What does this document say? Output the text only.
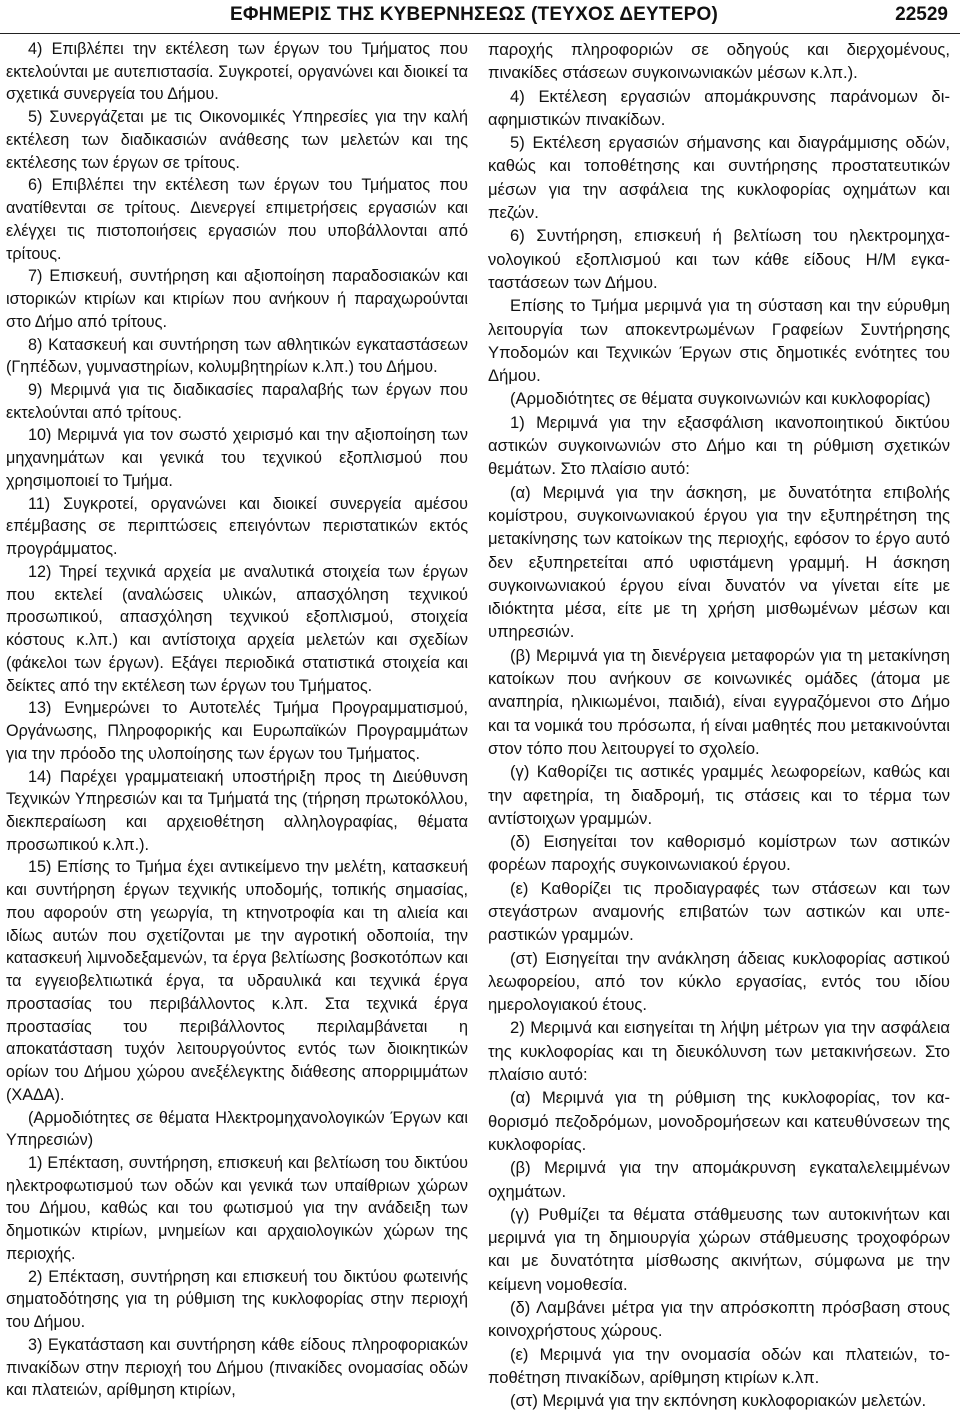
ΕΦΗΜΕΡΙΣ ΤΗΣ ΚΥΒΕΡΝΗΣΕΩΣ (ΤΕΥΧΟΣ ΔΕΥΤΕΡΟ)	22529

4) Επιβλέπει την εκτέλεση των έργων του Τμήματος που εκτελούνται με αυτεπιστασία. Συγκροτεί, οργανώνει και διοικεί τα σχετικά συνεργεία του Δήμου.

5) Συνεργάζεται με τις Οικονομικές Υπηρεσίες για την καλή εκτέλεση των διαδικασιών ανάθεσης των μελετών και της εκτέλεσης των έργων σε τρίτους.

6) Επιβλέπει την εκτέλεση των έργων του Τμήματος που ανατίθενται σε τρίτους. Διενεργεί επιμετρήσεις εργασιών και ελέγχει τις πιστοποιήσεις εργασιών που υποβάλλονται από τρίτους.

7) Επισκευή, συντήρηση και αξιοποίηση παραδοσιακών και ιστορικών κτιρίων και κτιρίων που ανήκουν ή παραχωρούνται στο Δήμο από τρίτους.

8) Κατασκευή και συντήρηση των αθλητικών εγκαταστάσεων (Γηπέδων, γυμναστηρίων, κολυμβητηρίων κ.λπ.) του Δήμου.

9) Μεριμνά για τις διαδικασίες παραλαβής των έργων που εκτελούνται από τρίτους.

10) Μεριμνά για τον σωστό χειρισμό και την αξιοποίηση των μηχανημάτων και γενικά του τεχνικού εξοπλισμού που χρησιμοποιεί το Τμήμα.

11) Συγκροτεί, οργανώνει και διοικεί συνεργεία αμέσου επέμβασης σε περιπτώσεις επειγόντων περιστατικών εκτός προγράμματος.

12) Τηρεί τεχνικά αρχεία με αναλυτικά στοιχεία των έργων που εκτελεί (αναλώσεις υλικών, απασχόληση τεχνικού προσωπικού, απασχόληση τεχνικού εξοπλισμού, στοιχεία κόστους κ.λπ.) και αντίστοιχα αρχεία μελετών και σχεδίων (φάκελοι των έργων). Εξάγει περιοδικά στατιστικά στοιχεία και δείκτες από την εκτέλεση των έργων του Τμήματος.

13) Ενημερώνει το Αυτοτελές Τμήμα Προγραμματισμού, Οργάνωσης, Πληροφορικής και Ευρωπαϊκών Προγραμμάτων για την πρόοδο της υλοποίησης των έργων του Τμήματος.

14) Παρέχει γραμματειακή υποστήριξη προς τη Διεύθυνση Τεχνικών Υπηρεσιών και τα Τμήματά της (τήρηση πρωτοκόλλου, διεκπεραίωση και αρχειοθέτηση αλληλογραφίας, θέματα προσωπικού κ.λπ.).

15) Επίσης το Τμήμα έχει αντικείμενο την μελέτη, κατασκευή και συντήρηση έργων τεχνικής υποδομής, τοπικής σημασίας, που αφορούν στη γεωργία, τη κτηνοτροφία και τη αλιεία και ιδίως αυτών που σχετίζονται με την αγροτική οδοποιία, την κατασκευή λιμνοδεξαμενών, τα έργα βελτίωσης βοσκοτόπων και τα εγγειοβελτιωτικά έργα, τα υδραυλικά και τεχνικά έργα προστασίας του περιβάλλοντος κ.λπ. Στα τεχνικά έργα προστασίας του περιβάλλοντος περιλαμβάνεται η αποκατάσταση τυχόν λειτουργούντος εντός των διοικητικών ορίων του Δήμου χώρου ανεξέλεγκτης διάθεσης απορριμμάτων (ΧΑΔΑ).

(Αρμοδιότητες σε θέματα Ηλεκτρομηχανολογικών Έργων και Υπηρεσιών)

1) Επέκταση, συντήρηση, επισκευή και βελτίωση του δικτύου ηλεκτροφωτισμού των οδών και γενικά των υπαίθριων χώρων του Δήμου, καθώς και του φωτισμού για την ανάδειξη των δημοτικών κτιρίων, μνημείων και αρχαιολογικών χώρων της περιοχής.

2) Επέκταση, συντήρηση και επισκευή του δικτύου φωτεινής σηματοδότησης για τη ρύθμιση της κυκλοφορίας στην περιοχή του Δήμου.

3) Εγκατάσταση και συντήρηση κάθε είδους πληροφοριακών πινακίδων στην περιοχή του Δήμου (πινακίδες ονομασίας οδών και πλατειών, αρίθμηση κτιρίων,

παροχής πληροφοριών σε οδηγούς και διερχομένους, πινακίδες στάσεων συγκοινωνιακών μέσων κ.λπ.).

4) Εκτέλεση εργασιών απομάκρυνσης παράνομων διαφημιστικών πινακίδων.

5) Εκτέλεση εργασιών σήμανσης και διαγράμμισης οδών, καθώς και τοποθέτησης και συντήρησης προστατευτικών μέσων για την ασφάλεια της κυκλοφορίας οχημάτων και πεζών.

6) Συντήρηση, επισκευή ή βελτίωση του ηλεκτρομηχανολογικού εξοπλισμού και των κάθε είδους Η/Μ εγκαταστάσεων των Δήμου.

Επίσης το Τμήμα μεριμνά για τη σύσταση και την εύρυθμη λειτουργία των αποκεντρωμένων Γραφείων Συντήρησης Υποδομών και Τεχνικών Έργων στις δημοτικές ενότητες του Δήμου.

(Αρμοδιότητες σε θέματα συγκοινωνιών και κυκλοφορίας)

1) Μεριμνά για την εξασφάλιση ικανοποιητικού δικτύου αστικών συγκοινωνιών στο Δήμο και τη ρύθμιση σχετικών θεμάτων. Στο πλαίσιο αυτό:

(α) Μεριμνά για την άσκηση, με δυνατότητα επιβολής κομίστρου, συγκοινωνιακού έργου για την εξυπηρέτηση της μετακίνησης των κατοίκων της περιοχής, εφόσον το έργο αυτό δεν εξυπηρετείται από υφιστάμενη γραμμή. Η άσκηση συγκοινωνιακού έργου είναι δυνατόν να γίνεται είτε με ιδιόκτητα μέσα, είτε με τη χρήση μισθωμένων μέσων και υπηρεσιών.

(β) Μεριμνά για τη διενέργεια μεταφορών για τη μετακίνηση κατοίκων που ανήκουν σε κοινωνικές ομάδες (άτομα με αναπηρία, ηλικιωμένοι, παιδιά), είναι εγγραζόμενοι στο Δήμο και τα νομικά του πρόσωπα, ή είναι μαθητές που μετακινούνται στον τόπο που λειτουργεί το σχολείο.

(γ) Καθορίζει τις αστικές γραμμές λεωφορείων, καθώς και την αφετηρία, τη διαδρομή, τις στάσεις και το τέρμα των αντίστοιχων γραμμών.

(δ) Εισηγείται τον καθορισμό κομίστρων των αστικών φορέων παροχής συγκοινωνιακού έργου.

(ε) Καθορίζει τις προδιαγραφές των στάσεων και των στεγάστρων αναμονής επιβατών των αστικών και υπεραστικών γραμμών.

(στ) Εισηγείται την ανάκληση άδειας κυκλοφορίας αστικού λεωφορείου, από τον κύκλο εργασίας, εντός του ιδίου ημερολογιακού έτους.

2) Μεριμνά και εισηγείται τη λήψη μέτρων για την ασφάλεια της κυκλοφορίας και τη διευκόλυνση των μετακινήσεων. Στο πλαίσιο αυτό:

(α) Μεριμνά για τη ρύθμιση της κυκλοφορίας, τον καθορισμό πεζοδρόμων, μονοδρομήσεων και κατευθύνσεων της κυκλοφορίας.

(β) Μεριμνά για την απομάκρυνση εγκαταλελειμμένων οχημάτων.

(γ) Ρυθμίζει τα θέματα στάθμευσης των αυτοκινήτων και μεριμνά για τη δημιουργία χώρων στάθμευσης τροχοφόρων και με δυνατότητα μίσθωσης ακινήτων, σύμφωνα με την κείμενη νομοθεσία.

(δ) Λαμβάνει μέτρα για την απρόσκοπτη πρόσβαση στους κοινοχρήστους χώρους.

(ε) Μεριμνά για την ονομασία οδών και πλατειών, τοποθέτηση πινακίδων, αρίθμηση κτιρίων κ.λπ.

(στ) Μεριμνά για την εκπόνηση κυκλοφοριακών μελετών.
